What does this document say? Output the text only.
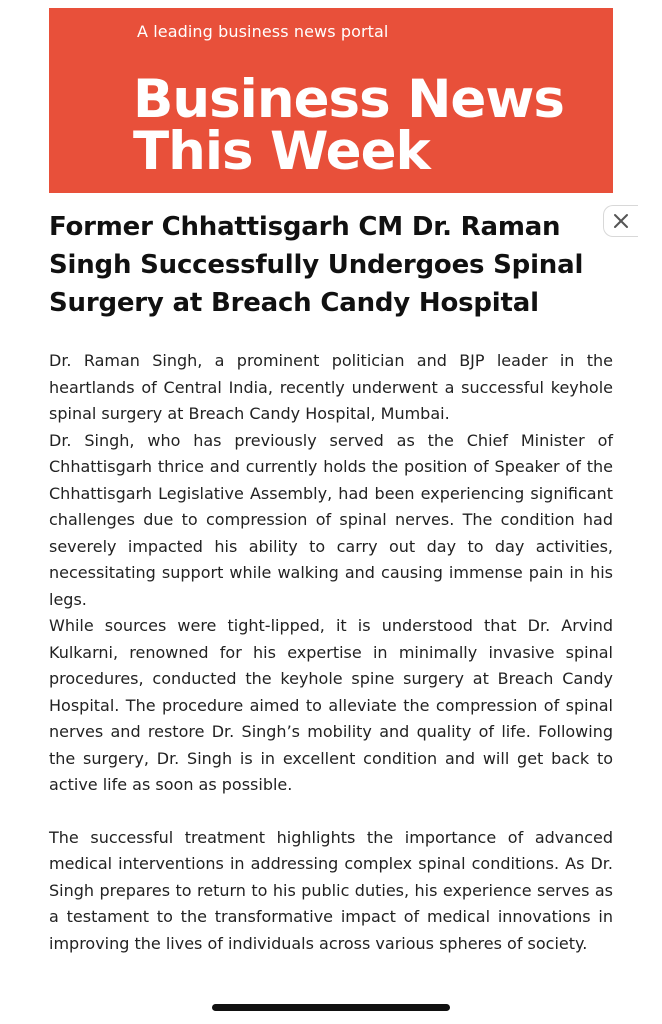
A leading business news portal
Business News
This Week
Former Chhattisgarh CM Dr. Raman Singh Successfully Undergoes Spinal Surgery at Breach Candy Hospital

Dr. Raman Singh, a prominent politician and BJP leader in the heartlands of Central India, recently underwent a successful keyhole spinal surgery at Breach Candy Hospital, Mumbai.

Dr. Singh, who has previously served as the Chief Minister of Chhattisgarh thrice and currently holds the position of Speaker of the Chhattisgarh Legislative Assembly, had been experiencing significant challenges due to compression of spinal nerves. The condition had severely impacted his ability to carry out day to day activities, necessitating support while walking and causing immense pain in his legs.

While sources were tight-lipped, it is understood that Dr. Arvind Kulkarni, renowned for his expertise in minimally invasive spinal procedures, conducted the keyhole spine surgery at Breach Candy Hospital. The procedure aimed to alleviate the compression of spinal nerves and restore Dr. Singh’s mobility and quality of life. Following the surgery, Dr. Singh is in excellent condition and will get back to active life as soon as possible.

The successful treatment highlights the importance of advanced medical interventions in addressing complex spinal conditions. As Dr. Singh prepares to return to his public duties, his experience serves as a testament to the transformative impact of medical innovations in improving the lives of individuals across various spheres of society.
